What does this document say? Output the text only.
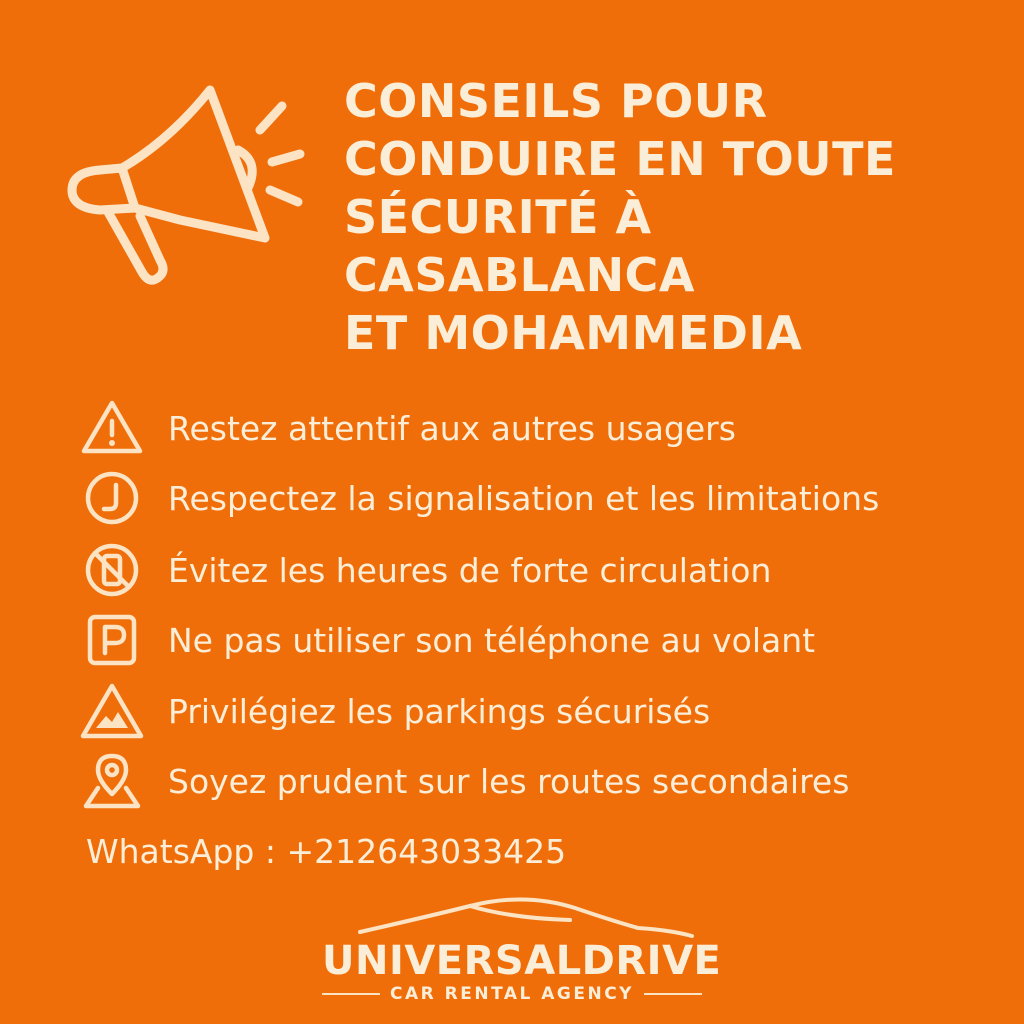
CONSEILS POUR
CONDUIRE EN TOUTE
SÉCURITÉ À
CASABLANCA
ET MOHAMMEDIA
Restez attentif aux autres usagers
Respectez la signalisation et les limitations
Évitez les heures de forte circulation
Ne pas utiliser son téléphone au volant
Privilégiez les parkings sécurisés
Soyez prudent sur les routes secondaires
WhatsApp : +212643033425
UNIVERSALDRIVE
CAR RENTAL AGENCY
